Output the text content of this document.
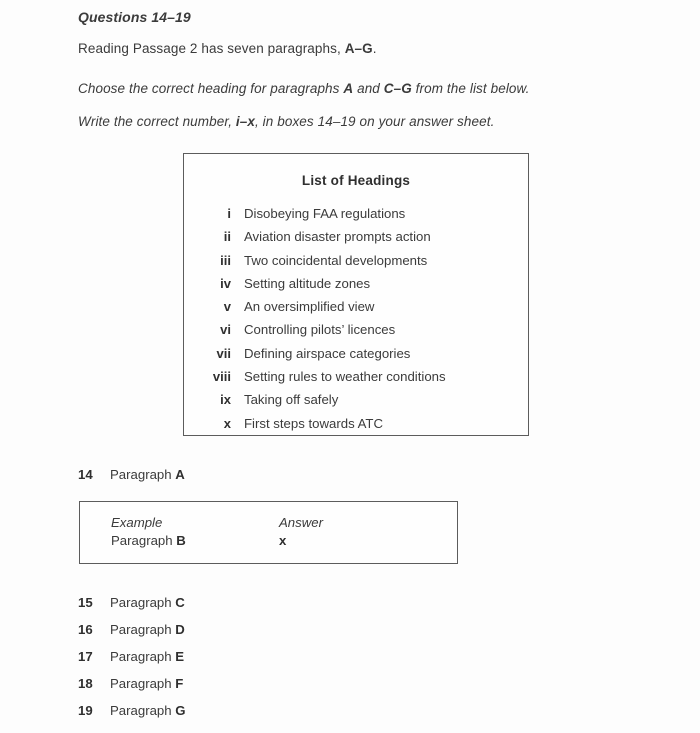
Questions 14–19
Reading Passage 2 has seven paragraphs, A–G.
Choose the correct heading for paragraphs A and C–G from the list below.
Write the correct number, i–x, in boxes 14–19 on your answer sheet.
List of Headings
i Disobeying FAA regulations
ii Aviation disaster prompts action
iii Two coincidental developments
iv Setting altitude zones
v An oversimplified view
vi Controlling pilots’ licences
vii Defining airspace categories
viii Setting rules to weather conditions
ix Taking off safely
x First steps towards ATC
14	Paragraph A
Example	Answer
Paragraph B	x
15	Paragraph C
16	Paragraph D
17	Paragraph E
18	Paragraph F
19	Paragraph G
